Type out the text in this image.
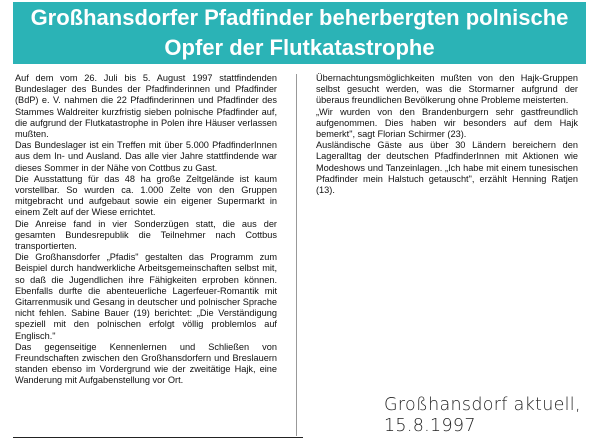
Großhansdorfer Pfadfinder beherbergten polnische
Opfer der Flutkatastrophe

Auf dem vom 26. Juli bis 5. August 1997 stattfindenden Bundeslager des Bundes der Pfadfinderinnen und Pfadfinder (BdP) e. V. nahmen die 22 Pfadfinderinnen und Pfadfinder des Stammes Waldreiter kurzfristig sieben polnische Pfadfinder auf, die aufgrund der Flutkatastrophe in Polen ihre Häuser verlassen mußten.

Das Bundeslager ist ein Treffen mit über 5.000 PfadfinderInnen aus dem In- und Ausland. Das alle vier Jahre stattfindende war dieses Sommer in der Nähe von Cottbus zu Gast.

Die Ausstattung für das 48 ha große Zeltgelände ist kaum vorstellbar. So wurden ca. 1.000 Zelte von den Gruppen mitgebracht und aufgebaut sowie ein eigener Supermarkt in einem Zelt auf der Wiese errichtet.

Die Anreise fand in vier Sonderzügen statt, die aus der gesamten Bundesrepublik die Teilnehmer nach Cottbus transportierten.

Die Großhansdorfer „Pfadis" gestalten das Programm zum Beispiel durch handwerkliche Arbeitsgemeinschaften selbst mit, so daß die Jugendlichen ihre Fähigkeiten erproben können. Ebenfalls durfte die abenteuerliche Lagerfeuer-Romantik mit Gitarrenmusik und Gesang in deutscher und polnischer Sprache nicht fehlen. Sabine Bauer (19) berichtet: „Die Verständigung speziell mit den polnischen erfolgt völlig problemlos auf Englisch."

Das gegenseitige Kennenlernen und Schließen von Freundschaften zwischen den Großhansdorfern und Breslauern standen ebenso im Vordergrund wie der zweitätige Hajk, eine Wanderung mit Aufgabenstellung vor Ort.

Übernachtungsmöglichkeiten mußten von den Hajk-Gruppen selbst gesucht werden, was die Stormarner aufgrund der überaus freundlichen Bevölkerung ohne Probleme meisterten.

„Wir wurden von den Brandenburgern sehr gastfreundlich aufgenommen. Dies haben wir besonders auf dem Hajk bemerkt", sagt Florian Schirmer (23).

Ausländische Gäste aus über 30 Ländern bereichern den Lageralltag der deutschen PfadfinderInnen mit Aktionen wie Modeshows und Tanzeinlagen. „Ich habe mit einem tunesischen Pfadfinder mein Halstuch getauscht", erzählt Henning Ratjen (13).

Großhansdorf aktuell,
15.8.1997
